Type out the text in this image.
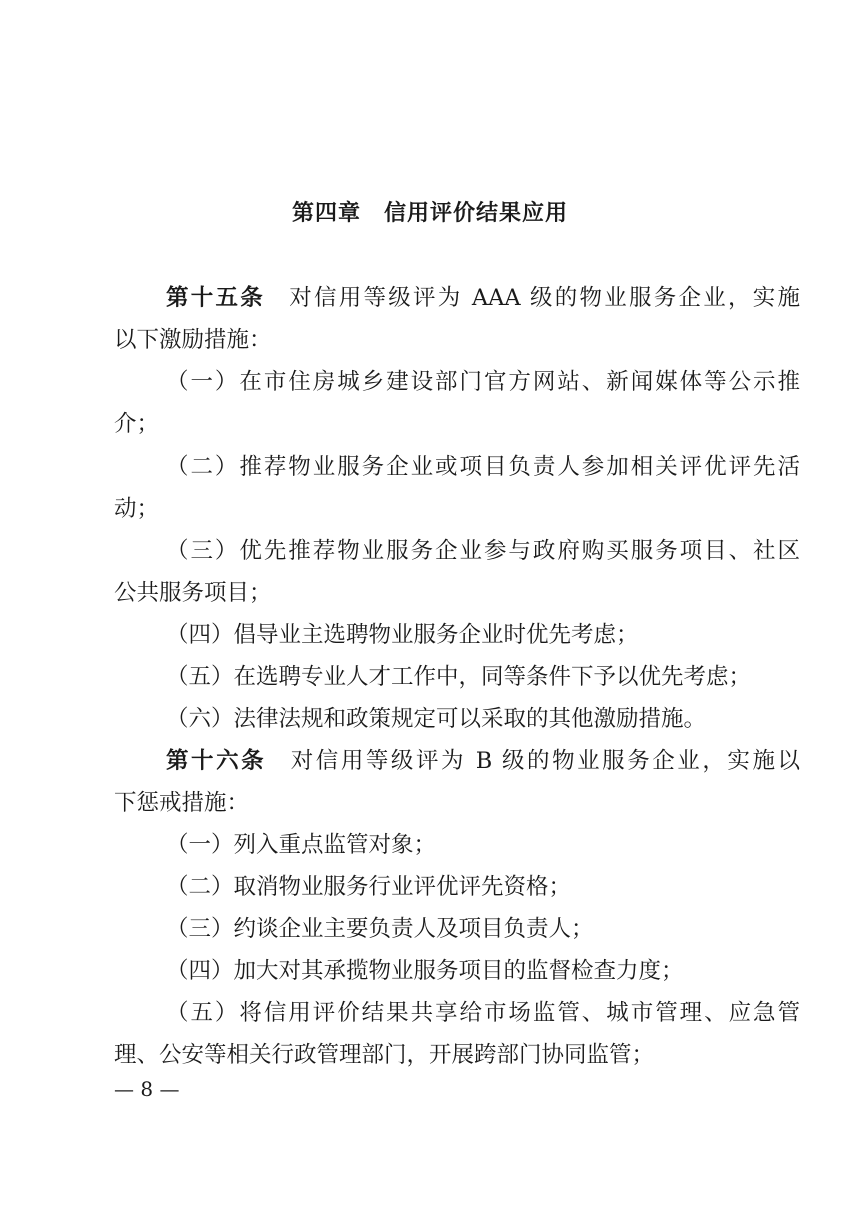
第四章　信用评价结果应用
第十五条 对信用等级评为 AAA 级的物业服务企业，实施
以下激励措施：
（一）在市住房城乡建设部门官方网站、新闻媒体等公示推
介；
（二）推荐物业服务企业或项目负责人参加相关评优评先活
动；
（三）优先推荐物业服务企业参与政府购买服务项目、社区
公共服务项目；
（四）倡导业主选聘物业服务企业时优先考虑；
（五）在选聘专业人才工作中，同等条件下予以优先考虑；
（六）法律法规和政策规定可以采取的其他激励措施。
第十六条 对信用等级评为 B 级的物业服务企业，实施以
下惩戒措施：
（一）列入重点监管对象；
（二）取消物业服务行业评优评先资格；
（三）约谈企业主要负责人及项目负责人；
（四）加大对其承揽物业服务项目的监督检查力度；
（五）将信用评价结果共享给市场监管、城市管理、应急管
理、公安等相关行政管理部门，开展跨部门协同监管；
— 8 —
